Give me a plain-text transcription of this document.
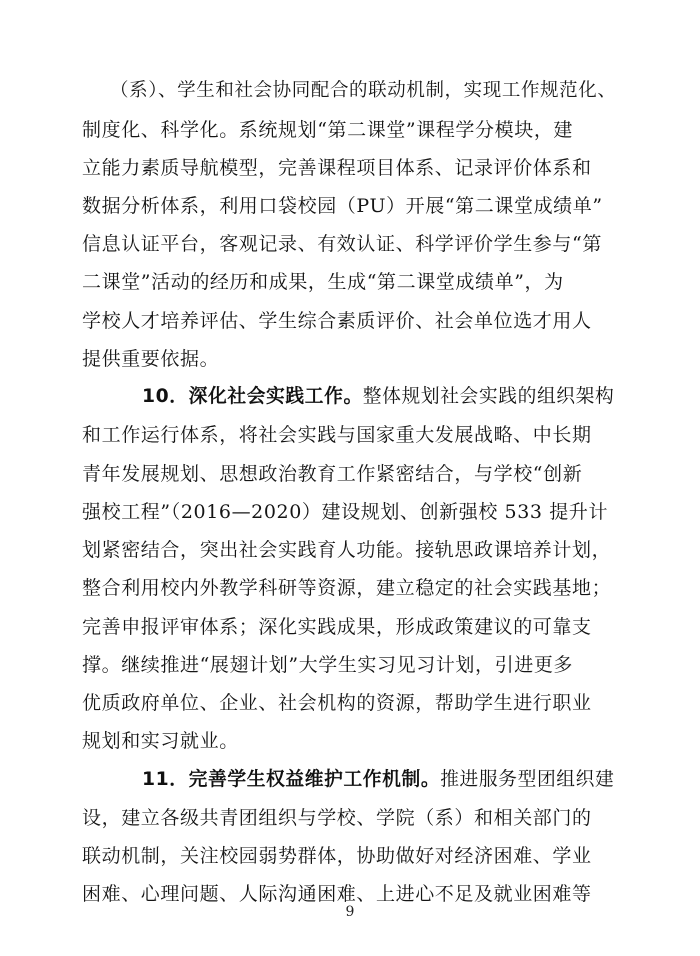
（系）、学生和社会协同配合的联动机制，实现工作规范化、
制度化、科学化。系统规划“第二课堂”课程学分模块，建
立能力素质导航模型，完善课程项目体系、记录评价体系和
数据分析体系，利用口袋校园（PU）开展“第二课堂成绩单”
信息认证平台，客观记录、有效认证、科学评价学生参与“第
二课堂”活动的经历和成果，生成“第二课堂成绩单”，为
学校人才培养评估、学生综合素质评价、社会单位选才用人
提供重要依据。
10．深化社会实践工作。整体规划社会实践的组织架构
和工作运行体系，将社会实践与国家重大发展战略、中长期
青年发展规划、思想政治教育工作紧密结合，与学校“创新
强校工程”（2016—2020）建设规划、创新强校 533 提升计
划紧密结合，突出社会实践育人功能。接轨思政课培养计划，
整合利用校内外教学科研等资源，建立稳定的社会实践基地；
完善申报评审体系；深化实践成果，形成政策建议的可靠支
撑。继续推进“展翅计划”大学生实习见习计划，引进更多
优质政府单位、企业、社会机构的资源，帮助学生进行职业
规划和实习就业。
11．完善学生权益维护工作机制。推进服务型团组织建
设，建立各级共青团组织与学校、学院（系）和相关部门的
联动机制，关注校园弱势群体，协助做好对经济困难、学业
困难、心理问题、人际沟通困难、上进心不足及就业困难等
9
